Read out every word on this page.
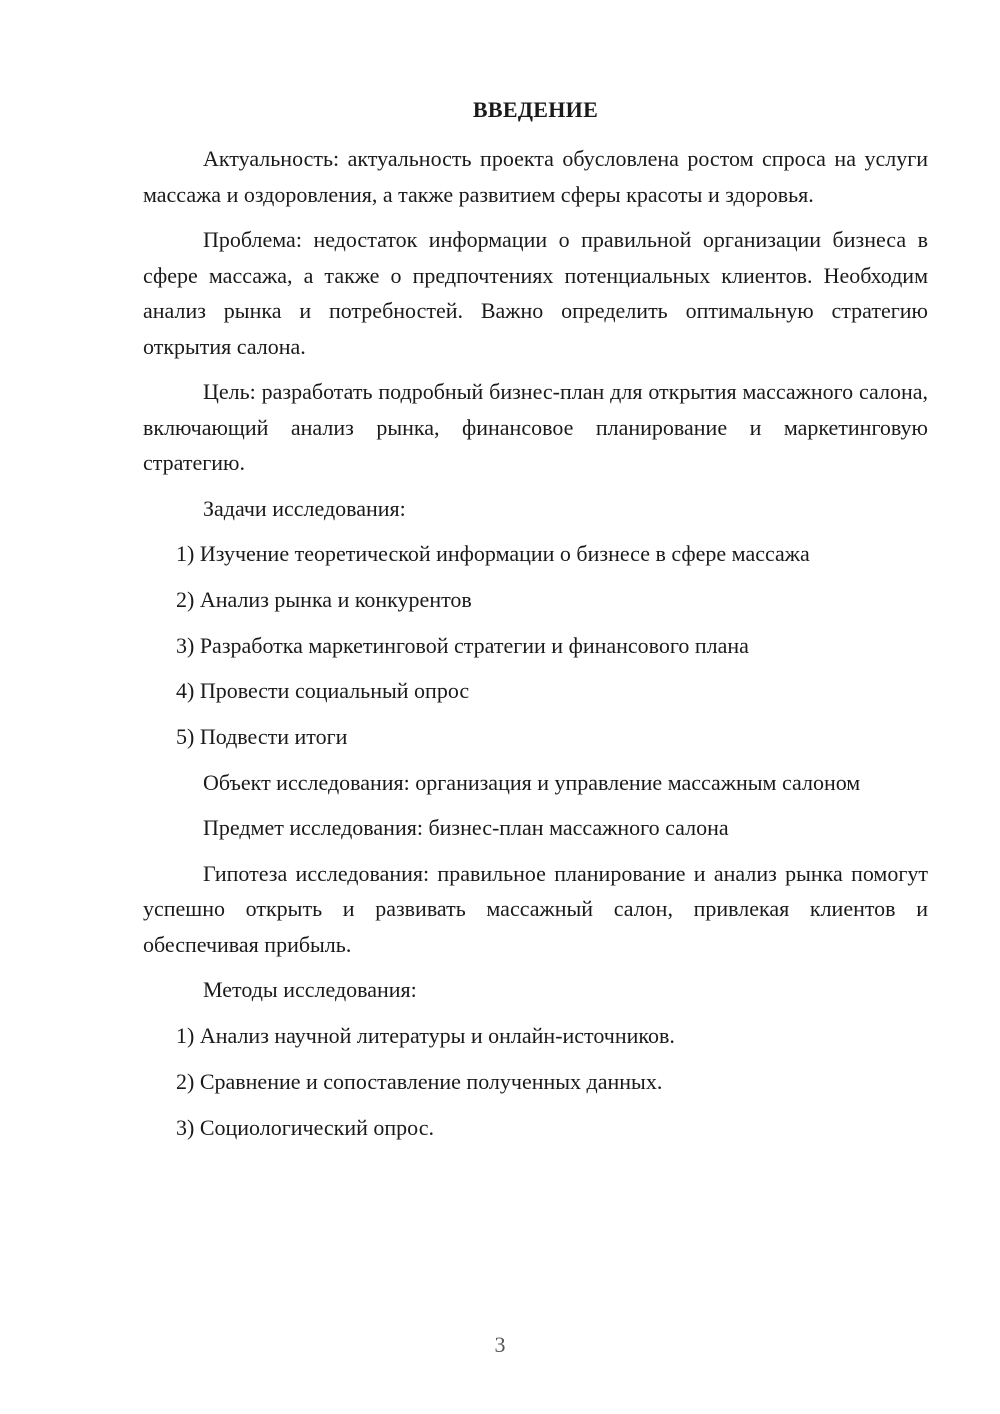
ВВЕДЕНИЕ

Актуальность: актуальность проекта обусловлена ростом спроса на услуги массажа и оздоровления, а также развитием сферы красоты и здоровья.

Проблема: недостаток информации о правильной организации бизнеса в сфере массажа, а также о предпочтениях потенциальных клиентов. Необходим анализ рынка и потребностей. Важно определить оптимальную стратегию открытия салона.

Цель: разработать подробный бизнес-план для открытия массажного салона, включающий анализ рынка, финансовое планирование и маркетинговую стратегию.

Задачи исследования:

1) Изучение теоретической информации о бизнесе в сфере массажа
2) Анализ рынка и конкурентов
3) Разработка маркетинговой стратегии и финансового плана
4) Провести социальный опрос
5) Подвести итоги

Объект исследования: организация и управление массажным салоном

Предмет исследования: бизнес-план массажного салона

Гипотеза исследования: правильное планирование и анализ рынка помогут успешно открыть и развивать массажный салон, привлекая клиентов и обеспечивая прибыль.

Методы исследования:

1) Анализ научной литературы и онлайн-источников.
2) Сравнение и сопоставление полученных данных.
3) Социологический опрос.
3
